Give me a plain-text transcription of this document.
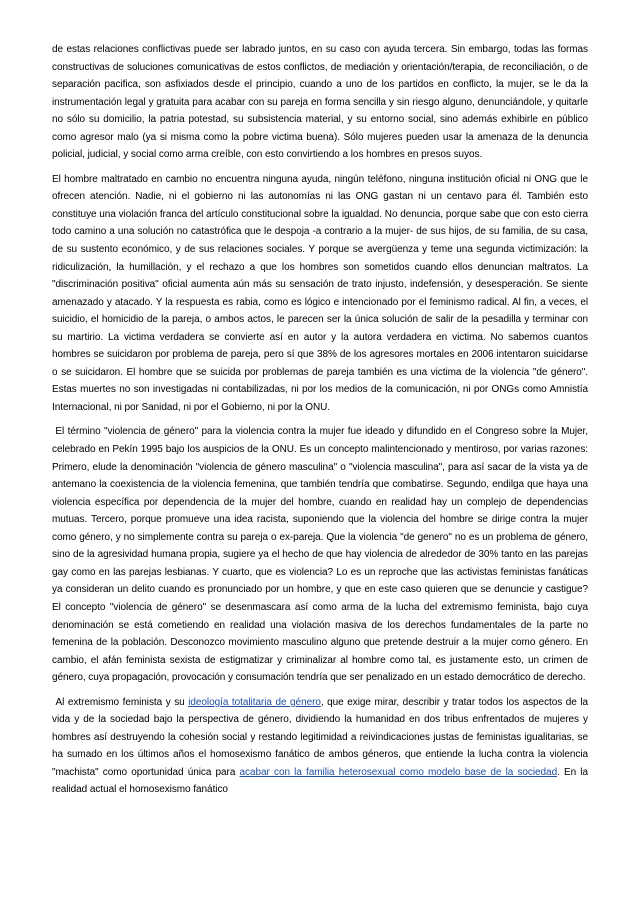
de estas relaciones conflictivas puede ser labrado juntos, en su caso con ayuda tercera. Sin embargo, todas las formas constructivas de soluciones comunicativas de estos conflictos, de mediación y orientación/terapia, de reconciliación, o de separación pacifica, son asfixiados desde el principio, cuando a uno de los partidos en conflicto, la mujer, se le da la instrumentación legal y gratuita para acabar con su pareja en forma sencilla y sin riesgo alguno, denunciándole, y quitarle no sólo su domicilio, la patria potestad, su subsistencia material, y su entorno social, sino además exhibirle en público como agresor malo (ya si misma como la pobre victima buena). Sólo mujeres pueden usar la amenaza de la denuncia policial, judicial, y social como arma creíble, con esto convirtiendo a los hombres en presos suyos.

El hombre maltratado en cambio no encuentra ninguna ayuda, ningún teléfono, ninguna institución oficial ni ONG que le ofrecen atención. Nadie, ni el gobierno ni las autonomías ni las ONG gastan ni un centavo para él. También esto constituye una violación franca del artículo constitucional sobre la igualdad. No denuncia, porque sabe que con esto cierra todo camino a una solución no catastrófica que le despoja -a contrario a la mujer- de sus hijos, de su familia, de su casa, de su sustento económico, y de sus relaciones sociales. Y porque se avergüenza y teme una segunda victimización: la ridiculización, la humillación, y el rechazo a que los hombres son sometidos cuando ellos denuncian maltratos. La "discriminación positiva" oficial aumenta aún más su sensación de trato injusto, indefensión, y desesperación. Se siente amenazado y atacado. Y la respuesta es rabia, como es lógico e intencionado por el feminismo radical. Al fin, a veces, el suicidio, el homicidio de la pareja, o ambos actos, le parecen ser la única solución de salir de la pesadilla y terminar con su martirio. La victima verdadera se convierte así en autor y la autora verdadera en victima. No sabemos cuantos hombres se suicidaron por problema de pareja, pero sí que 38% de los agresores mortales en 2006 intentaron suicidarse o se suicidaron. El hombre que se suicida por problemas de pareja también es una victima de la violencia "de género". Estas muertes no son investigadas ni contabilizadas, ni por los medios de la comunicación, ni por ONGs como Amnistía Internacional, ni por Sanidad, ni por el Gobierno, ni por la ONU.

El término "violencia de género" para la violencia contra la mujer fue ideado y difundido en el Congreso sobre la Mujer, celebrado en Pekín 1995 bajo los auspicios de la ONU. Es un concepto malintencionado y mentiroso, por varias razones: Primero, elude la denominación "violencia de género masculina" o "violencia masculina", para así sacar de la vista ya de antemano la coexistencia de la violencia femenina, que también tendría que combatirse. Segundo, endilga que haya una violencia específica por dependencia de la mujer del hombre, cuando en realidad hay un complejo de dependencias mutuas. Tercero, porque promueve una idea racista, suponiendo que la violencia del hombre se dirige contra la mujer como género, y no simplemente contra su pareja o ex-pareja. Que la violencia "de genero" no es un problema de género, sino de la agresividad humana propia, sugiere ya el hecho de que hay violencia de alrededor de 30% tanto en las parejas gay como en las parejas lesbianas. Y cuarto, que es violencia? Lo es un reproche que las activistas feministas fanáticas ya consideran un delito cuando es pronunciado por un hombre, y que en este caso quieren que se denuncie y castigue? El concepto "violencia de género" se desenmascara así como arma de la lucha del extremismo feminista, bajo cuya denominación se está cometiendo en realidad una violación masiva de los derechos fundamentales de la parte no femenina de la población. Desconozco movimiento masculino alguno que pretende destruir a la mujer como género. En cambio, el afán feminista sexista de estigmatizar y criminalizar al hombre como tal, es justamente esto, un crimen de género, cuya propagación, provocación y consumación tendría que ser penalizado en un estado democrático de derecho.

Al extremismo feminista y su ideología totalitaria de género, que exige mirar, describir y tratar todos los aspectos de la vida y de la sociedad bajo la perspectiva de género, dividiendo la humanidad en dos tribus enfrentados de mujeres y hombres así destruyendo la cohesión social y restando legitimidad a reivindicaciones justas de feministas igualitarias, se ha sumado en los últimos años el homosexismo fanático de ambos géneros, que entiende la lucha contra la violencia "machista" como oportunidad única para acabar con la familia heterosexual como modelo base de la sociedad. En la realidad actual el homosexismo fanático
